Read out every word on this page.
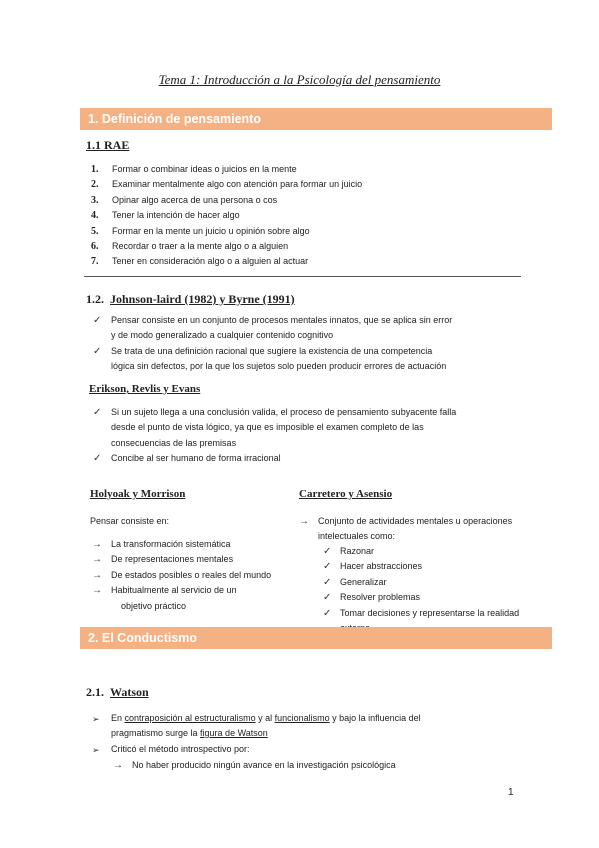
Tema 1: Introducción a la Psicología del pensamiento
1. Definición de pensamiento
1.1 RAE
1. Formar o combinar ideas o juicios en la mente
2. Examinar mentalmente algo con atención para formar un juicio
3. Opinar algo acerca de una persona o cos
4. Tener la intención de hacer algo
5. Formar en la mente un juicio u opinión sobre algo
6. Recordar o traer a la mente algo o a alguien
7. Tener en consideración algo o a alguien al actuar
1.2. Johnson-laird (1982) y Byrne (1991)
✓ Pensar consiste en un conjunto de procesos mentales innatos, que se aplica sin error
y de modo generalizado a cualquier contenido cognitivo
✓ Se trata de una definición racional que sugiere la existencia de una competencia
lógica sin defectos, por la que los sujetos solo pueden producir errores de actuación
Erikson, Revlis y Evans
✓ Si un sujeto llega a una conclusión valida, el proceso de pensamiento subyacente falla
desde el punto de vista lógico, ya que es imposible el examen completo de las
consecuencias de las premisas
✓ Concibe al ser humano de forma irracional
Holyoak y Morrison
Pensar consiste en:
→ La transformación sistemática
→ De representaciones mentales
→ De estados posibles o reales del mundo
→ Habitualmente al servicio de un
objetivo práctico
Carretero y Asensio
→ Conjunto de actividades mentales u operaciones
intelectuales como:
✓ Razonar
✓ Hacer abstracciones
✓ Generalizar
✓ Resolver problemas
✓ Tomar decisiones y representarse la realidad
2. El Conductismo
2.1. Watson
➢ En contraposición al estructuralismo y al funcionalismo y bajo la influencia del
pragmatismo surge la figura de Watson
➢ Criticó el método introspectivo por:
→ No haber producido ningún avance en la investigación psicológica
1
